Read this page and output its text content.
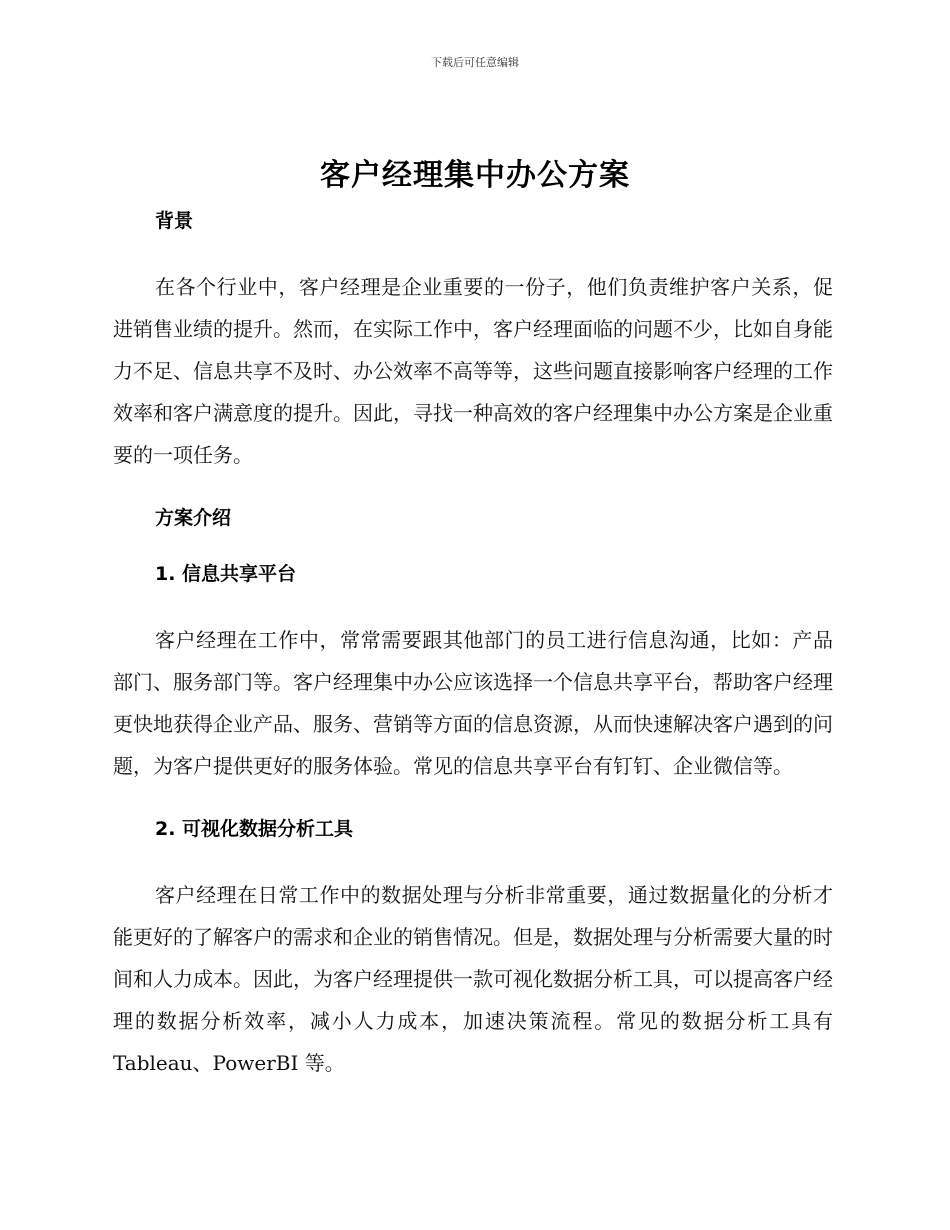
下载后可任意编辑
客户经理集中办公方案
背景

在各个行业中，客户经理是企业重要的一份子，他们负责维护客户关系，促进销售业绩的提升。然而，在实际工作中，客户经理面临的问题不少，比如自身能力不足、信息共享不及时、办公效率不高等等，这些问题直接影响客户经理的工作效率和客户满意度的提升。因此，寻找一种高效的客户经理集中办公方案是企业重要的一项任务。

方案介绍
1. 信息共享平台

客户经理在工作中，常常需要跟其他部门的员工进行信息沟通，比如：产品部门、服务部门等。客户经理集中办公应该选择一个信息共享平台，帮助客户经理更快地获得企业产品、服务、营销等方面的信息资源，从而快速解决客户遇到的问题，为客户提供更好的服务体验。常见的信息共享平台有钉钉、企业微信等。

2. 可视化数据分析工具

客户经理在日常工作中的数据处理与分析非常重要，通过数据量化的分析才能更好的了解客户的需求和企业的销售情况。但是，数据处理与分析需要大量的时间和人力成本。因此，为客户经理提供一款可视化数据分析工具，可以提高客户经理的数据分析效率，减小人力成本，加速决策流程。常见的数据分析工具有 Tableau、PowerBI 等。
